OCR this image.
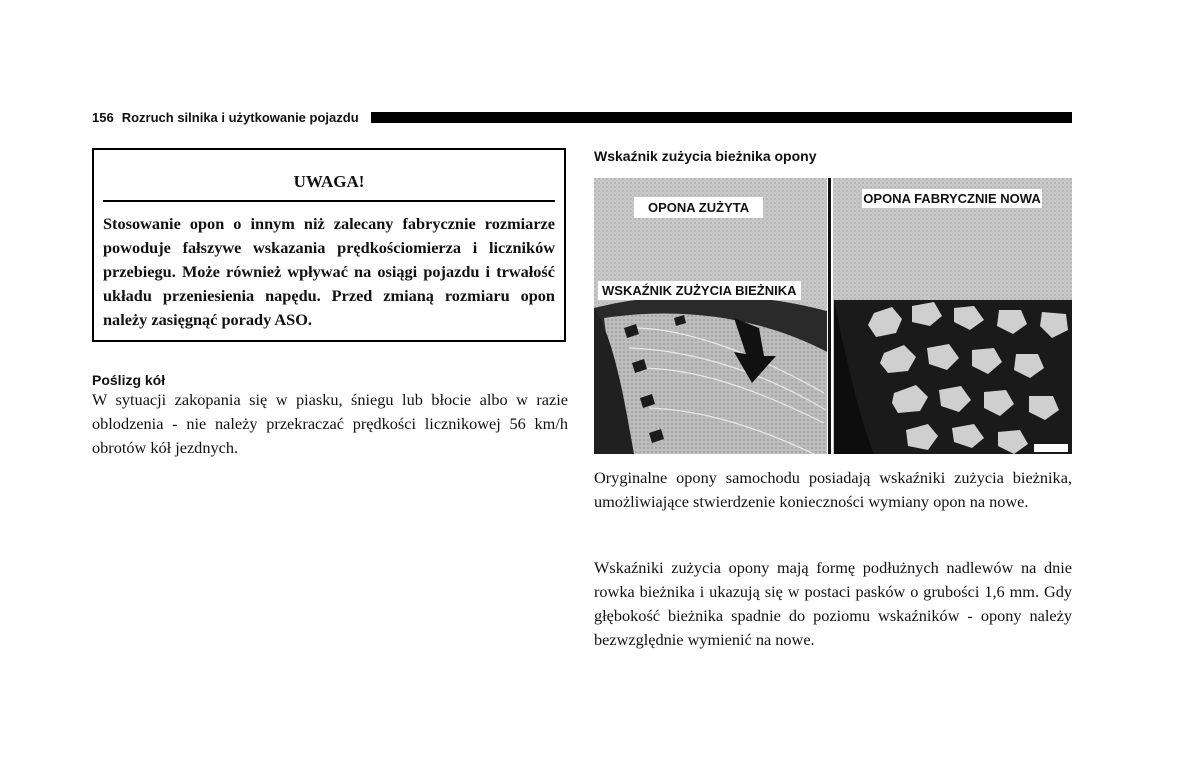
156 Rozruch silnika i użytkowanie pojazdu
UWAGA!
Stosowanie opon o innym niż zalecany fabrycznie rozmiarze powoduje fałszywe wskazania prędkościomierza i liczników przebiegu. Może również wpływać na osiągi pojazdu i trwałość układu przeniesienia napędu. Przed zmianą rozmiaru opon należy zasięgnąć porady ASO.
Poślizg kół
W sytuacji zakopania się w piasku, śniegu lub błocie albo w razie oblodzenia - nie należy przekraczać prędkości licznikowej 56 km/h obrotów kół jezdnych.
Wskaźnik zużycia bieżnika opony
OPONA ZUŻYTA
OPONA FABRYCZNIE NOWA
WSKAŹNIK ZUŻYCIA BIEŻNIKA
Oryginalne opony samochodu posiadają wskaźniki zużycia bieżnika, umożliwiające stwierdzenie konieczności wymiany opon na nowe.
Wskaźniki zużycia opony mają formę podłużnych nadlewów na dnie rowka bieżnika i ukazują się w postaci pasków o grubości 1,6 mm. Gdy głębokość bieżnika spadnie do poziomu wskaźników - opony należy bezwzględnie wymienić na nowe.
